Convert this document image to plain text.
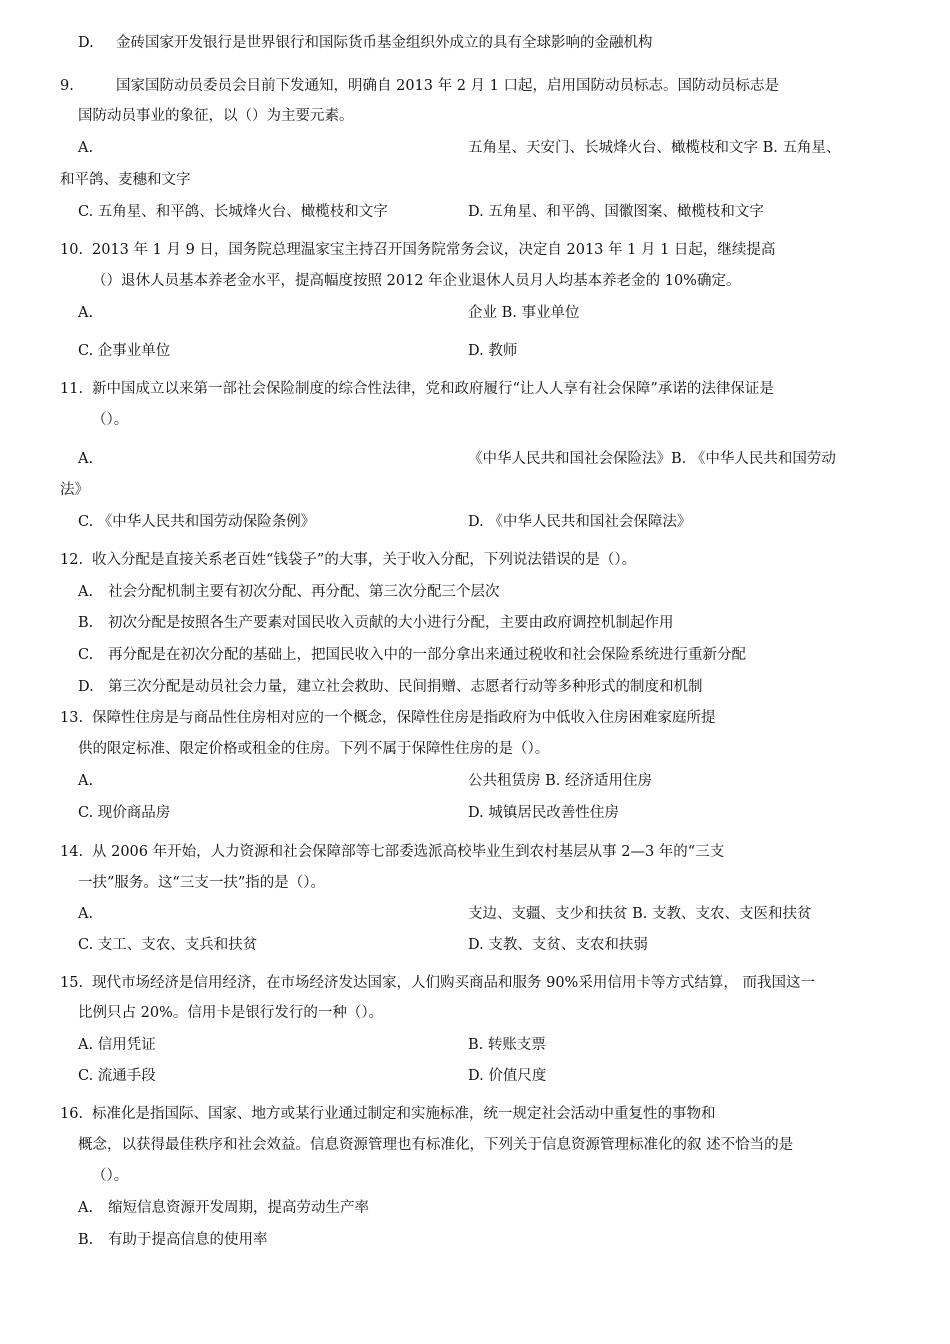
D. 金砖国家开发银行是世界银行和国际货币基金组织外成立的具有全球影响的金融机构
9.	国家国防动员委员会目前下发通知，明确自 2013 年 2 月 1 口起，启用国防动员标志。国防动员标志是
国防动员事业的象征，以（）为主要元素。
A.	五角星、天安门、长城烽火台、橄榄枝和文字 B. 五角星、
和平鸽、麦穗和文字
C. 五角星、和平鸽、长城烽火台、橄榄枝和文字	D. 五角星、和平鸽、国徽图案、橄榄枝和文字
10. 2013 年 1 月 9 日，国务院总理温家宝主持召开国务院常务会议，决定自 2013 年 1 月 1 日起，继续提高
（）退休人员基本养老金水平，提高幅度按照 2012 年企业退休人员月人均基本养老金的 10%确定。
A.	企业 B. 事业单位
C. 企事业单位	D. 教师
11. 新中国成立以来第一部社会保险制度的综合性法律，党和政府履行“让人人享有社会保障”承诺的法律保证是
（）。
A.	《中华人民共和国社会保险法》B. 《中华人民共和国劳动
法》
C. 《中华人民共和国劳动保险条例》	D. 《中华人民共和国社会保障法》
12. 收入分配是直接关系老百姓“钱袋子”的大事，关于收入分配，下列说法错误的是（）。
A. 社会分配机制主要有初次分配、再分配、第三次分配三个层次
B. 初次分配是按照各生产要素对国民收入贡献的大小进行分配，主要由政府调控机制起作用
C. 再分配是在初次分配的基础上，把国民收入中的一部分拿出来通过税收和社会保险系统进行重新分配
D. 第三次分配是动员社会力量，建立社会救助、民间捐赠、志愿者行动等多种形式的制度和机制
13. 保障性住房是与商品性住房相对应的一个概念，保障性住房是指政府为中低收入住房困难家庭所提
供的限定标准、限定价格或租金的住房。下列不属于保障性住房的是（）。
A.	公共租赁房 B. 经济适用住房
C. 现价商品房	D. 城镇居民改善性住房
14. 从 2006 年开始，人力资源和社会保障部等七部委选派高校毕业生到农村基层从事 2—3 年的“三支
一扶”服务。这“三支一扶”指的是（）。
A.	支边、支疆、支少和扶贫 B. 支教、支农、支医和扶贫
C. 支工、支农、支兵和扶贫	D. 支教、支贫、支农和扶弱
15. 现代市场经济是信用经济，在市场经济发达国家，人们购买商品和服务 90%采用信用卡等方式结算， 而我国这一
比例只占 20%。信用卡是银行发行的一种（）。
A. 信用凭证	B. 转账支票
C. 流通手段	D. 价值尺度
16. 标准化是指国际、国家、地方或某行业通过制定和实施标准，统一规定社会活动中重复性的事物和
概念，以获得最佳秩序和社会效益。信息资源管理也有标准化，下列关于信息资源管理标准化的叙 述不恰当的是
（）。
A. 缩短信息资源开发周期，提高劳动生产率
B. 有助于提高信息的使用率
